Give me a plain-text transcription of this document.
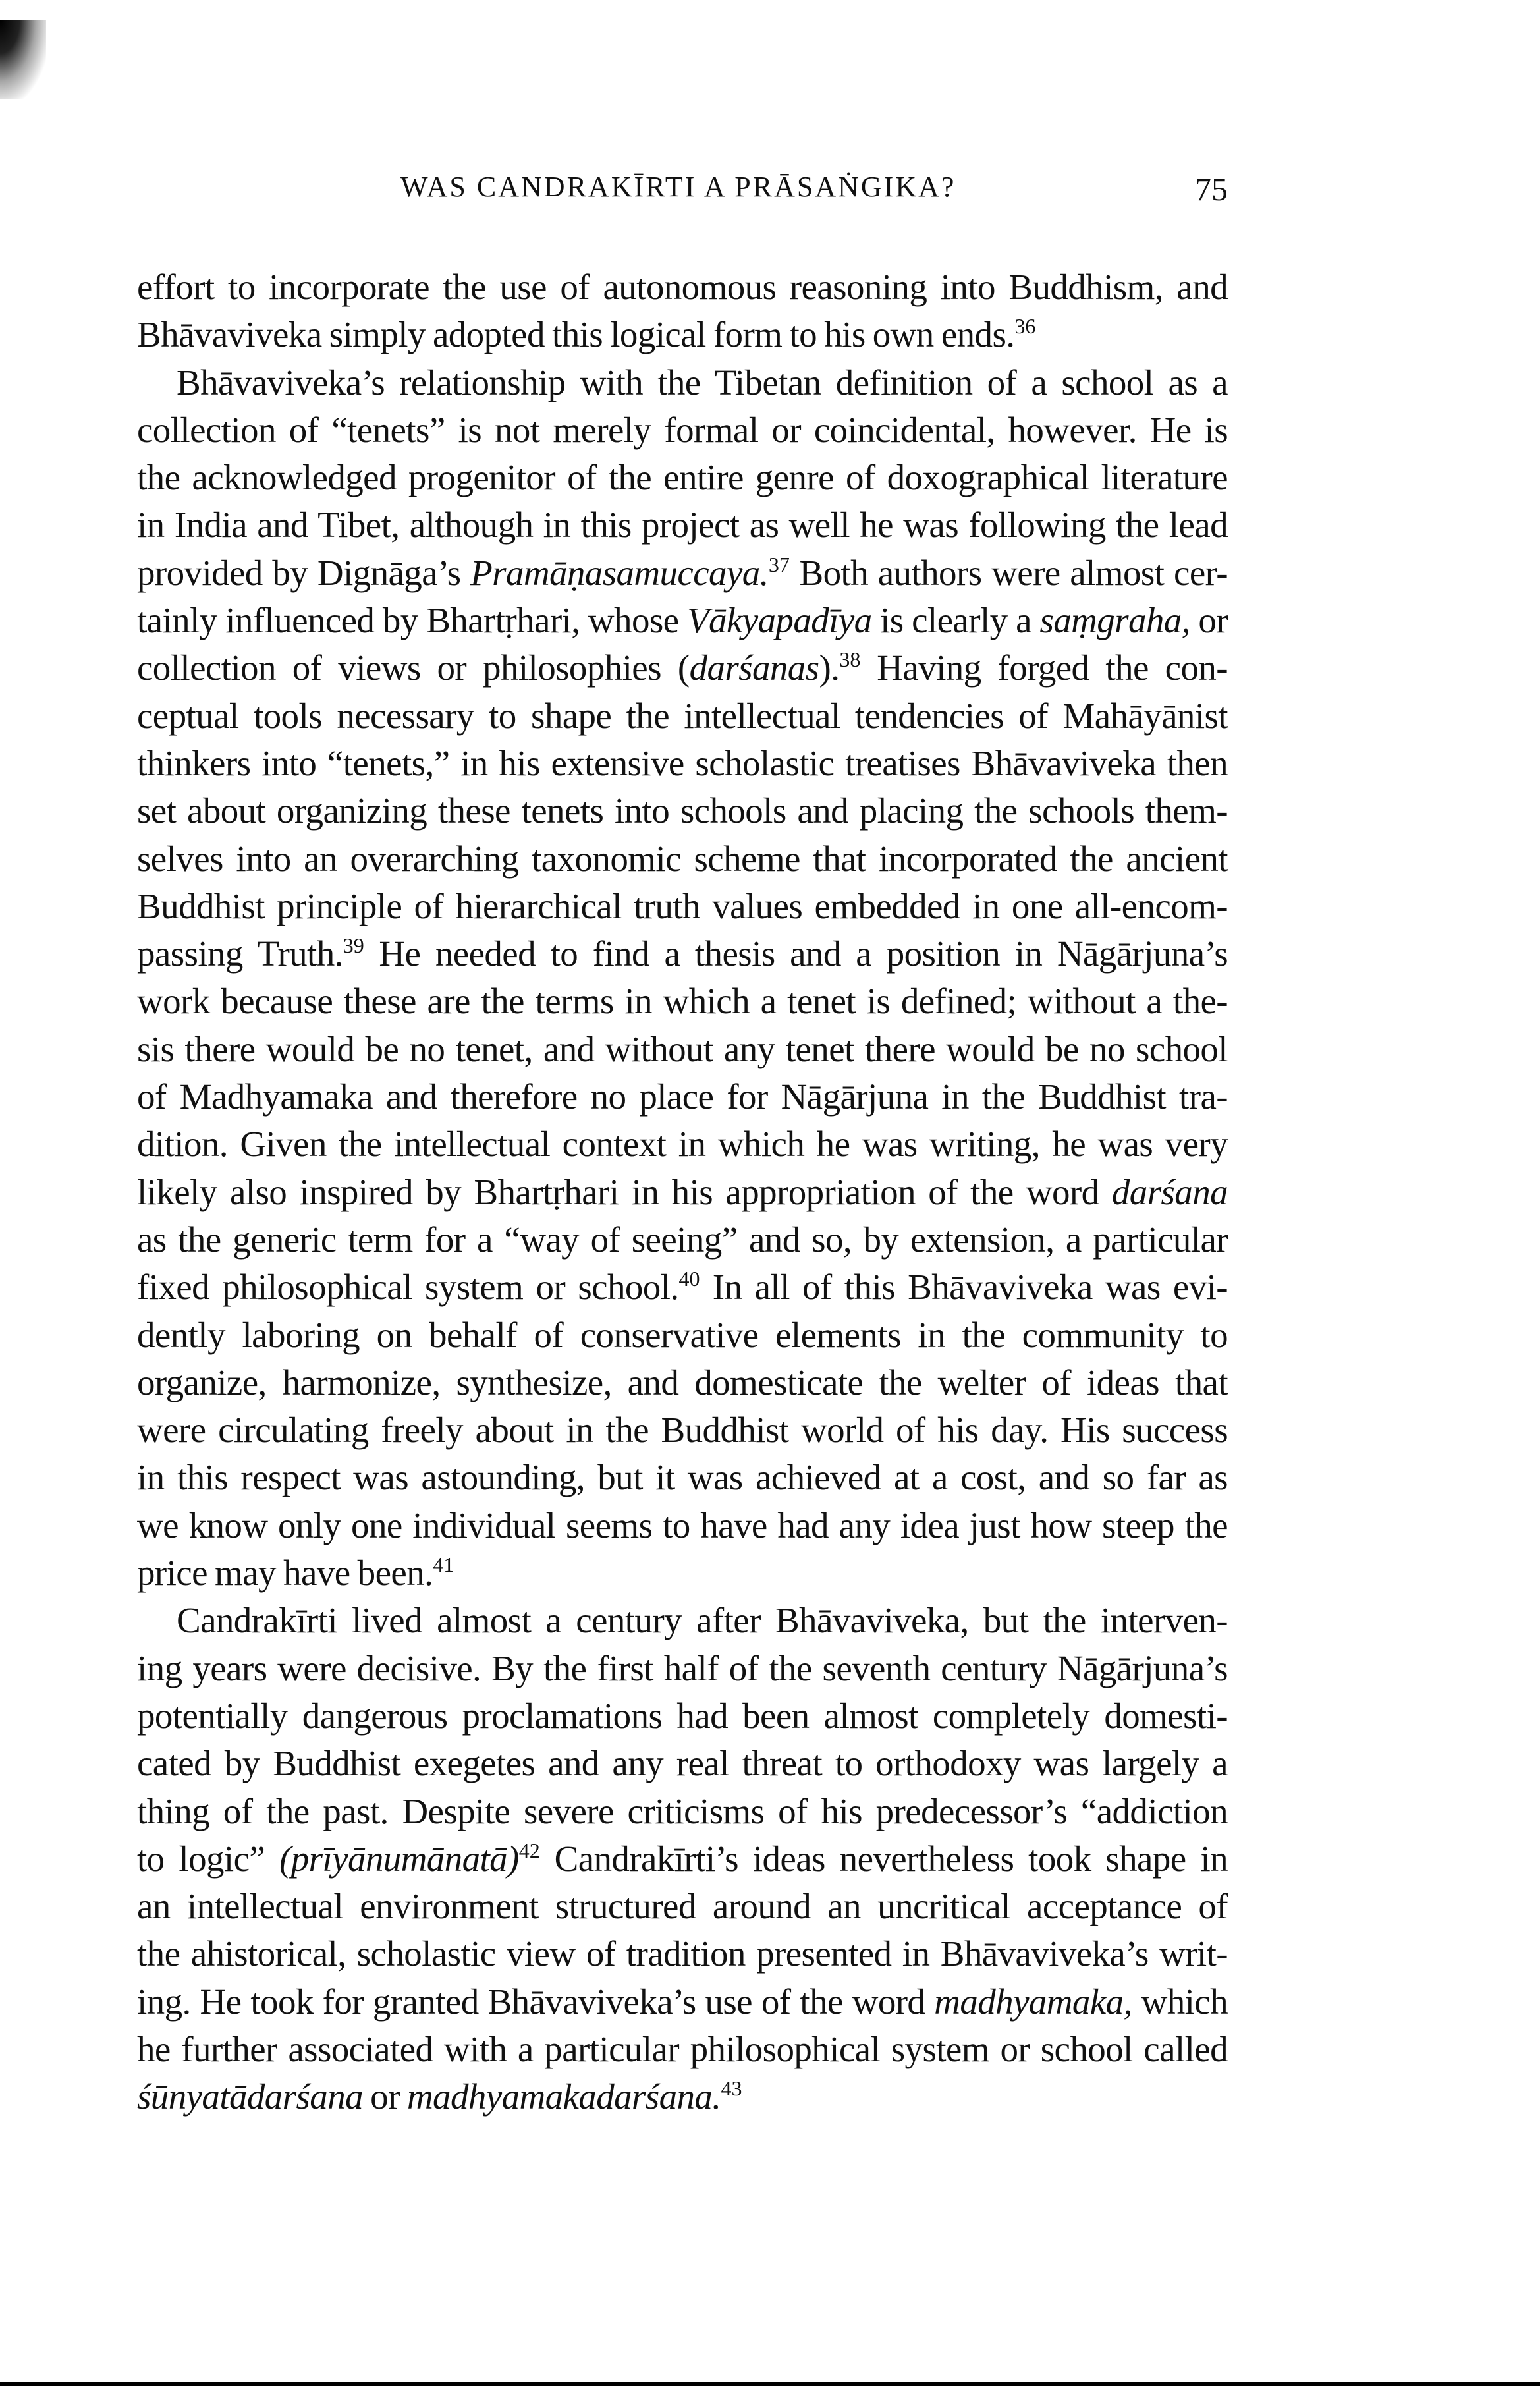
WAS CANDRAKĪRTI A PRĀSAṄGIKA?	75
effort to incorporate the use of autonomous reasoning into Buddhism, and
Bhāvaviveka simply adopted this logical form to his own ends.$^{36}$
Bhāvaviveka’s relationship with the Tibetan definition of a school as a
collection of “tenets” is not merely formal or coincidental, however. He is
the acknowledged progenitor of the entire genre of doxographical literature
in India and Tibet, although in this project as well he was following the lead
provided by Dignāga’s Pramāṇasamuccaya.$^{37}$ Both authors were almost cer-
tainly influenced by Bhartṛhari, whose Vākyapadīya is clearly a saṃgraha, or
collection of views or philosophies (darśanas).$^{38}$ Having forged the con-
ceptual tools necessary to shape the intellectual tendencies of Mahāyānist
thinkers into “tenets,” in his extensive scholastic treatises Bhāvaviveka then
set about organizing these tenets into schools and placing the schools them-
selves into an overarching taxonomic scheme that incorporated the ancient
Buddhist principle of hierarchical truth values embedded in one all-encom-
passing Truth.$^{39}$ He needed to find a thesis and a position in Nāgārjuna’s
work because these are the terms in which a tenet is defined; without a the-
sis there would be no tenet, and without any tenet there would be no school
of Madhyamaka and therefore no place for Nāgārjuna in the Buddhist tra-
dition. Given the intellectual context in which he was writing, he was very
likely also inspired by Bhartṛhari in his appropriation of the word darśana
as the generic term for a “way of seeing” and so, by extension, a particular
fixed philosophical system or school.$^{40}$ In all of this Bhāvaviveka was evi-
dently laboring on behalf of conservative elements in the community to
organize, harmonize, synthesize, and domesticate the welter of ideas that
were circulating freely about in the Buddhist world of his day. His success
in this respect was astounding, but it was achieved at a cost, and so far as
we know only one individual seems to have had any idea just how steep the
price may have been.$^{41}$
Candrakīrti lived almost a century after Bhāvaviveka, but the interven-
ing years were decisive. By the first half of the seventh century Nāgārjuna’s
potentially dangerous proclamations had been almost completely domesti-
cated by Buddhist exegetes and any real threat to orthodoxy was largely a
thing of the past. Despite severe criticisms of his predecessor’s “addiction
to logic” (prīyānumānatā)$^{42}$ Candrakīrti’s ideas nevertheless took shape in
an intellectual environment structured around an uncritical acceptance of
the ahistorical, scholastic view of tradition presented in Bhāvaviveka’s writ-
ing. He took for granted Bhāvaviveka’s use of the word madhyamaka, which
he further associated with a particular philosophical system or school called
śūnyatādarśana or madhyamakadarśana.$^{43}$
